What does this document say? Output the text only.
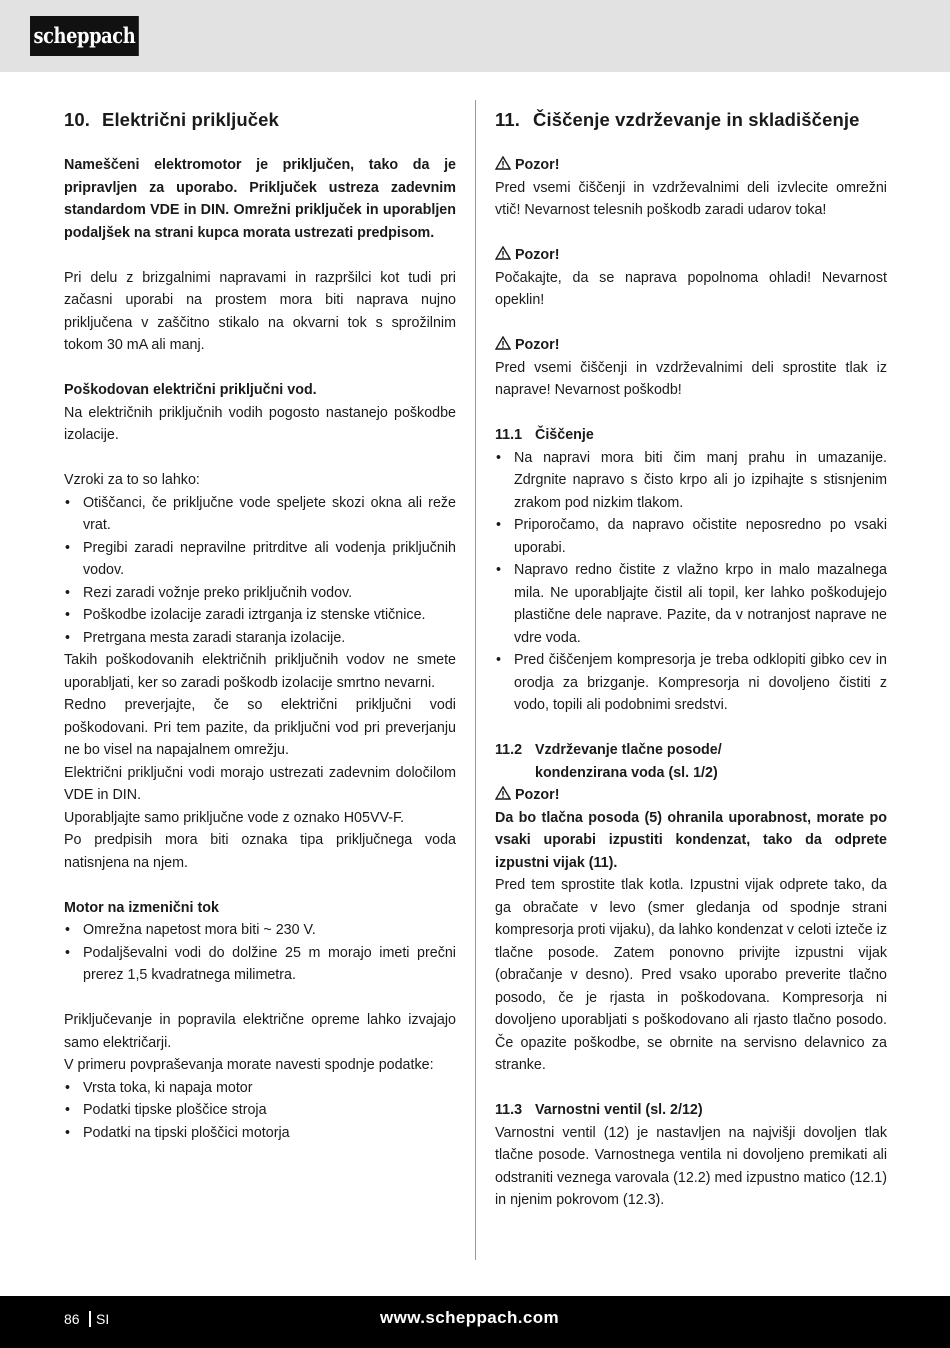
scheppach
10. Električni priključek

Nameščeni elektromotor je priključen, tako da je pripravljen za uporabo. Priključek ustreza zadevnim standardom VDE in DIN. Omrežni priključek in uporabljen podaljšek na strani kupca morata ustrezati predpisom.

Pri delu z brizgalnimi napravami in razpršilci kot tudi pri začasni uporabi na prostem mora biti naprava nujno priključena v zaščitno stikalo na okvarni tok s sprožilnim tokom 30 mA ali manj.

Poškodovan električni priključni vod.

Na električnih priključnih vodih pogosto nastanejo poškodbe izolacije.

Vzroki za to so lahko:

• Otiščanci, če priključne vode speljete skozi okna ali reže vrat.
• Pregibi zaradi nepravilne pritrditve ali vodenja priključnih vodov.
• Rezi zaradi vožnje preko priključnih vodov.
• Poškodbe izolacije zaradi iztrganja iz stenske vtičnice.
• Pretrgana mesta zaradi staranja izolacije.

Takih poškodovanih električnih priključnih vodov ne smete uporabljati, ker so zaradi poškodb izolacije smrtno nevarni.

Redno preverjajte, če so električni priključni vodi poškodovani. Pri tem pazite, da priključni vod pri preverjanju ne bo visel na napajalnem omrežju.

Električni priključni vodi morajo ustrezati zadevnim določilom VDE in DIN.

Uporabljajte samo priključne vode z oznako H05VV-F.

Po predpisih mora biti oznaka tipa priključnega voda natisnjena na njem.

Motor na izmenični tok

• Omrežna napetost mora biti ~ 230 V.
• Podaljševalni vodi do dolžine 25 m morajo imeti prečni prerez 1,5 kvadratnega milimetra.

Priključevanje in popravila električne opreme lahko izvajajo samo električarji.

V primeru povpraševanja morate navesti spodnje podatke:

• Vrsta toka, ki napaja motor
• Podatki tipske ploščice stroja
• Podatki na tipski ploščici motorja
11. Čiščenje vzdrževanje in skladiščenje

Pozor!

Pred vsemi čiščenji in vzdrževalnimi deli izvlecite omrežni vtič! Nevarnost telesnih poškodb zaradi udarov toka!

Pozor!

Počakajte, da se naprava popolnoma ohladi! Nevarnost opeklin!

Pozor!

Pred vsemi čiščenji in vzdrževalnimi deli sprostite tlak iz naprave! Nevarnost poškodb!

11.1 Čiščenje

• Na napravi mora biti čim manj prahu in umazanije. Zdrgnite napravo s čisto krpo ali jo izpihajte s stisnjenim zrakom pod nizkim tlakom.
• Priporočamo, da napravo očistite neposredno po vsaki uporabi.
• Napravo redno čistite z vlažno krpo in malo mazalnega mila. Ne uporabljajte čistil ali topil, ker lahko poškodujejo plastične dele naprave. Pazite, da v notranjost naprave ne vdre voda.
• Pred čiščenjem kompresorja je treba odklopiti gibko cev in orodja za brizganje. Kompresorja ni dovoljeno čistiti z vodo, topili ali podobnimi sredstvi.

11.2 Vzdrževanje tlačne posode/

kondenzirana voda (sl. 1/2)

Pozor!

Da bo tlačna posoda (5) ohranila uporabnost, morate po vsaki uporabi izpustiti kondenzat, tako da odprete izpustni vijak (11).

Pred tem sprostite tlak kotla. Izpustni vijak odprete tako, da ga obračate v levo (smer gledanja od spodnje strani kompresorja proti vijaku), da lahko kondenzat v celoti izteče iz tlačne posode. Zatem ponovno privijte izpustni vijak (obračanje v desno). Pred vsako uporabo preverite tlačno posodo, če je rjasta in poškodovana. Kompresorja ni dovoljeno uporabljati s poškodovano ali rjasto tlačno posodo. Če opazite poškodbe, se obrnite na servisno delavnico za stranke.

11.3 Varnostni ventil (sl. 2/12)

Varnostni ventil (12) je nastavljen na najvišji dovoljen tlak tlačne posode. Varnostnega ventila ni dovoljeno premikati ali odstraniti veznega varovala (12.2) med izpustno matico (12.1) in njenim pokrovom (12.3).

86 SI	www.scheppach.com
